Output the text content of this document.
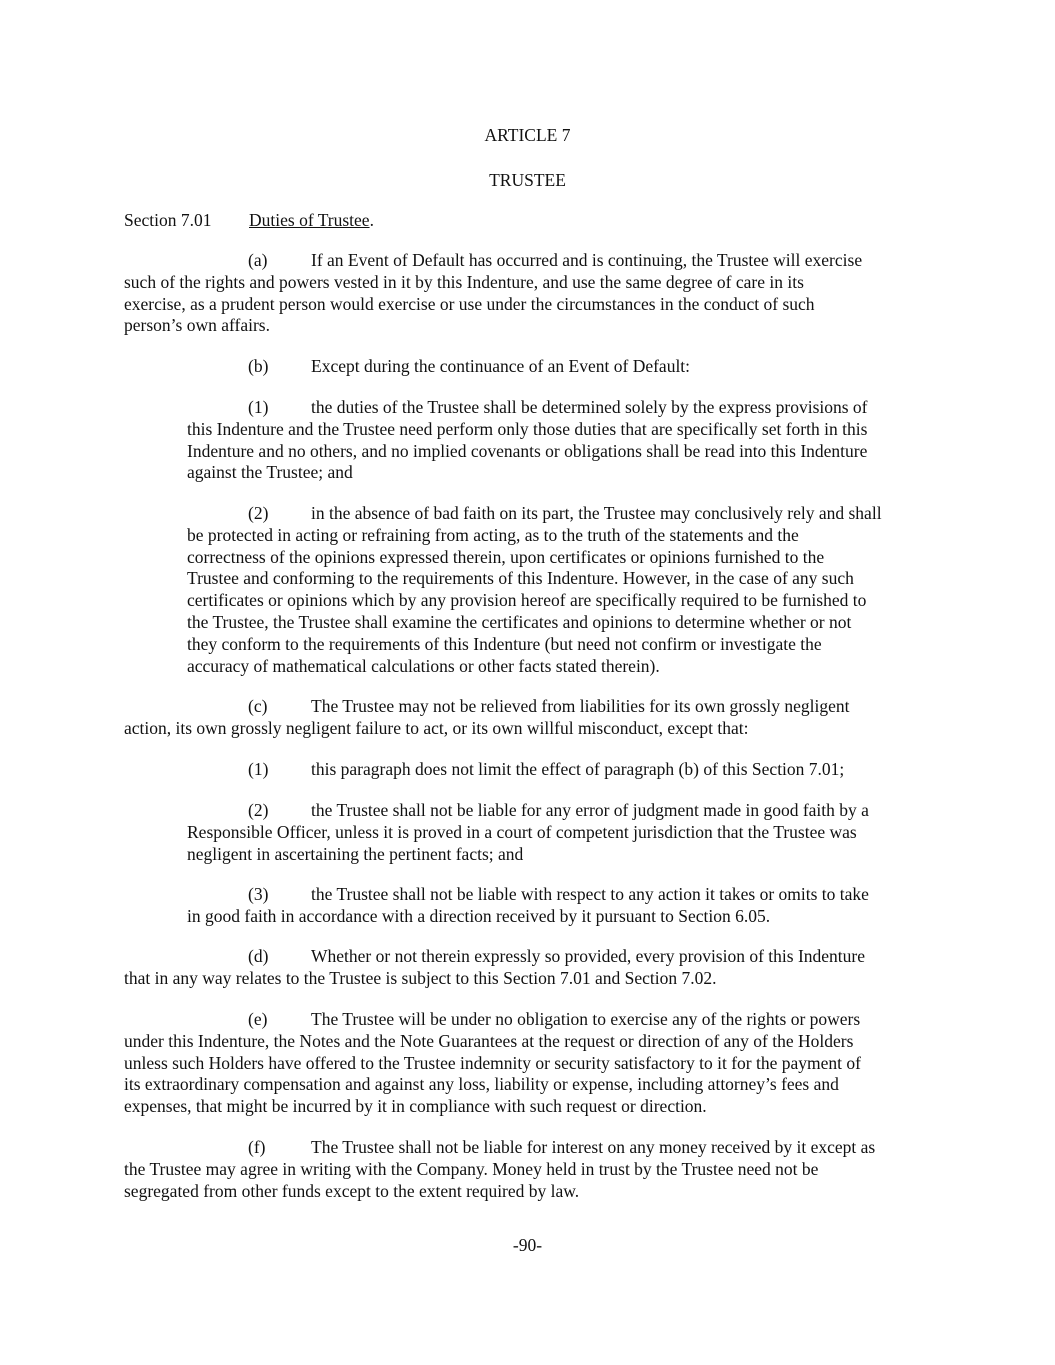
ARTICLE 7
TRUSTEE
Section 7.01 Duties of Trustee.
(a) If an Event of Default has occurred and is continuing, the Trustee will exercise
such of the rights and powers vested in it by this Indenture, and use the same degree of care in its
exercise, as a prudent person would exercise or use under the circumstances in the conduct of such
person’s own affairs.
(b) Except during the continuance of an Event of Default:
(1) the duties of the Trustee shall be determined solely by the express provisions of
this Indenture and the Trustee need perform only those duties that are specifically set forth in this
Indenture and no others, and no implied covenants or obligations shall be read into this Indenture
against the Trustee; and
(2) in the absence of bad faith on its part, the Trustee may conclusively rely and shall
be protected in acting or refraining from acting, as to the truth of the statements and the
correctness of the opinions expressed therein, upon certificates or opinions furnished to the
Trustee and conforming to the requirements of this Indenture. However, in the case of any such
certificates or opinions which by any provision hereof are specifically required to be furnished to
the Trustee, the Trustee shall examine the certificates and opinions to determine whether or not
they conform to the requirements of this Indenture (but need not confirm or investigate the
accuracy of mathematical calculations or other facts stated therein).
(c) The Trustee may not be relieved from liabilities for its own grossly negligent
action, its own grossly negligent failure to act, or its own willful misconduct, except that:
(1) this paragraph does not limit the effect of paragraph (b) of this Section 7.01;
(2) the Trustee shall not be liable for any error of judgment made in good faith by a
Responsible Officer, unless it is proved in a court of competent jurisdiction that the Trustee was
negligent in ascertaining the pertinent facts; and
(3) the Trustee shall not be liable with respect to any action it takes or omits to take
in good faith in accordance with a direction received by it pursuant to Section 6.05.
(d) Whether or not therein expressly so provided, every provision of this Indenture
that in any way relates to the Trustee is subject to this Section 7.01 and Section 7.02.
(e) The Trustee will be under no obligation to exercise any of the rights or powers
under this Indenture, the Notes and the Note Guarantees at the request or direction of any of the Holders
unless such Holders have offered to the Trustee indemnity or security satisfactory to it for the payment of
its extraordinary compensation and against any loss, liability or expense, including attorney’s fees and
expenses, that might be incurred by it in compliance with such request or direction.
(f)	The Trustee shall not be liable for interest on any money received by it except as
the Trustee may agree in writing with the Company. Money held in trust by the Trustee need not be
segregated from other funds except to the extent required by law.
-90-
